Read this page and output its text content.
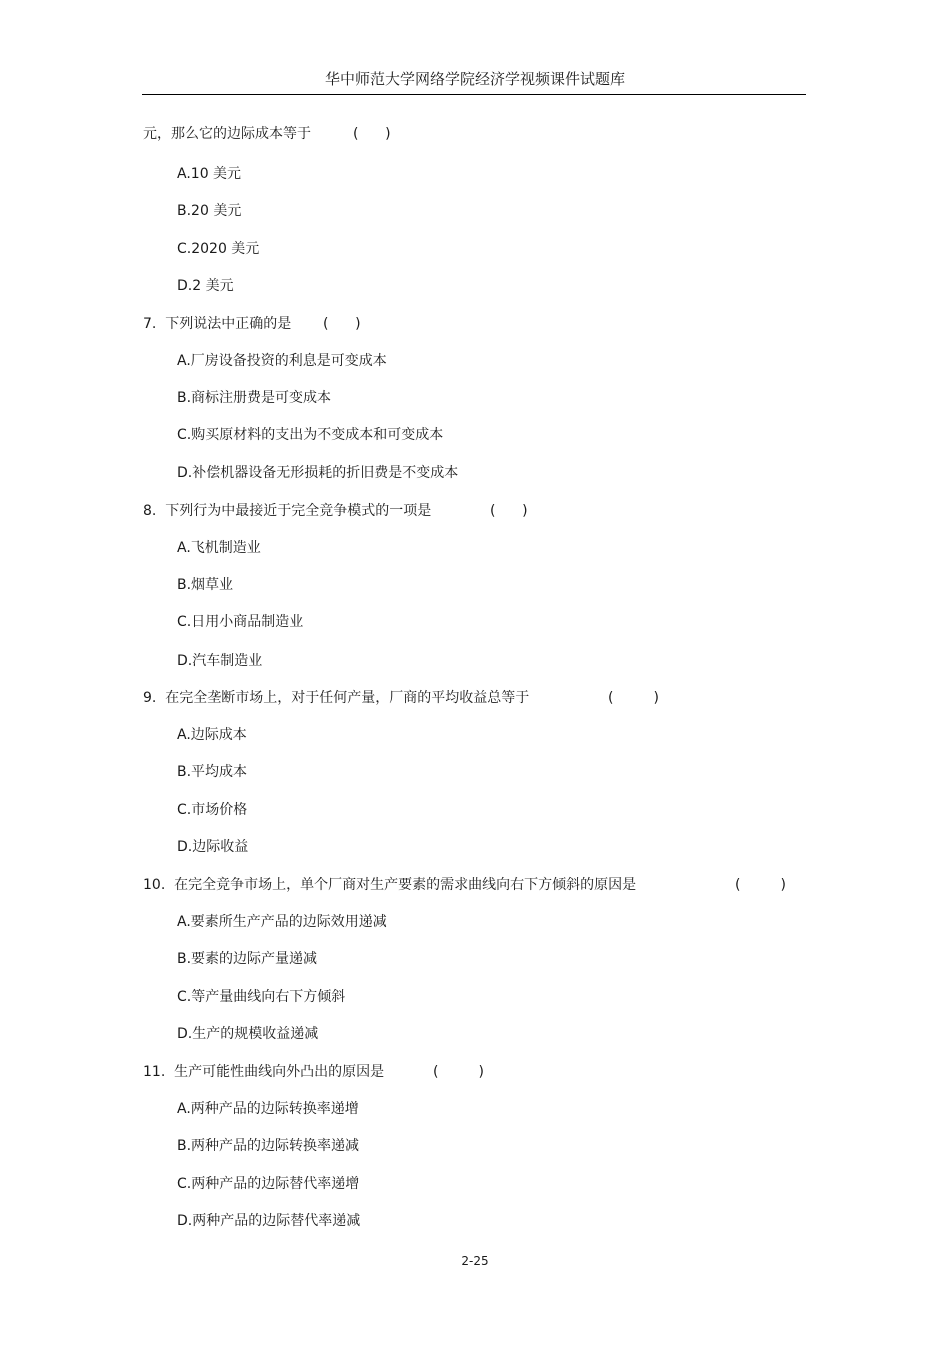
华中师范大学网络学院经济学视频课件试题库
元，那么它的边际成本等于	(      )
A.10 美元
B.20 美元
C.2020 美元
D.2 美元
7.  下列说法中正确的是 (      )
A.厂房设备投资的利息是可变成本
B.商标注册费是可变成本
C.购买原材料的支出为不变成本和可变成本
D.补偿机器设备无形损耗的折旧费是不变成本
8.  下列行为中最接近于完全竞争模式的一项是	(      )
A.飞机制造业
B.烟草业
C.日用小商品制造业
D.汽车制造业
9.  在完全垄断市场上，对于任何产量，厂商的平均收益总等于	(         )
A.边际成本
B.平均成本
C.市场价格
D.边际收益
10.  在完全竞争市场上，单个厂商对生产要素的需求曲线向右下方倾斜的原因是	(         )
A.要素所生产产品的边际效用递减
B.要素的边际产量递减
C.等产量曲线向右下方倾斜
D.生产的规模收益递减
11.  生产可能性曲线向外凸出的原因是	(         )
A.两种产品的边际转换率递增
B.两种产品的边际转换率递减
C.两种产品的边际替代率递增
D.两种产品的边际替代率递减
2-25
